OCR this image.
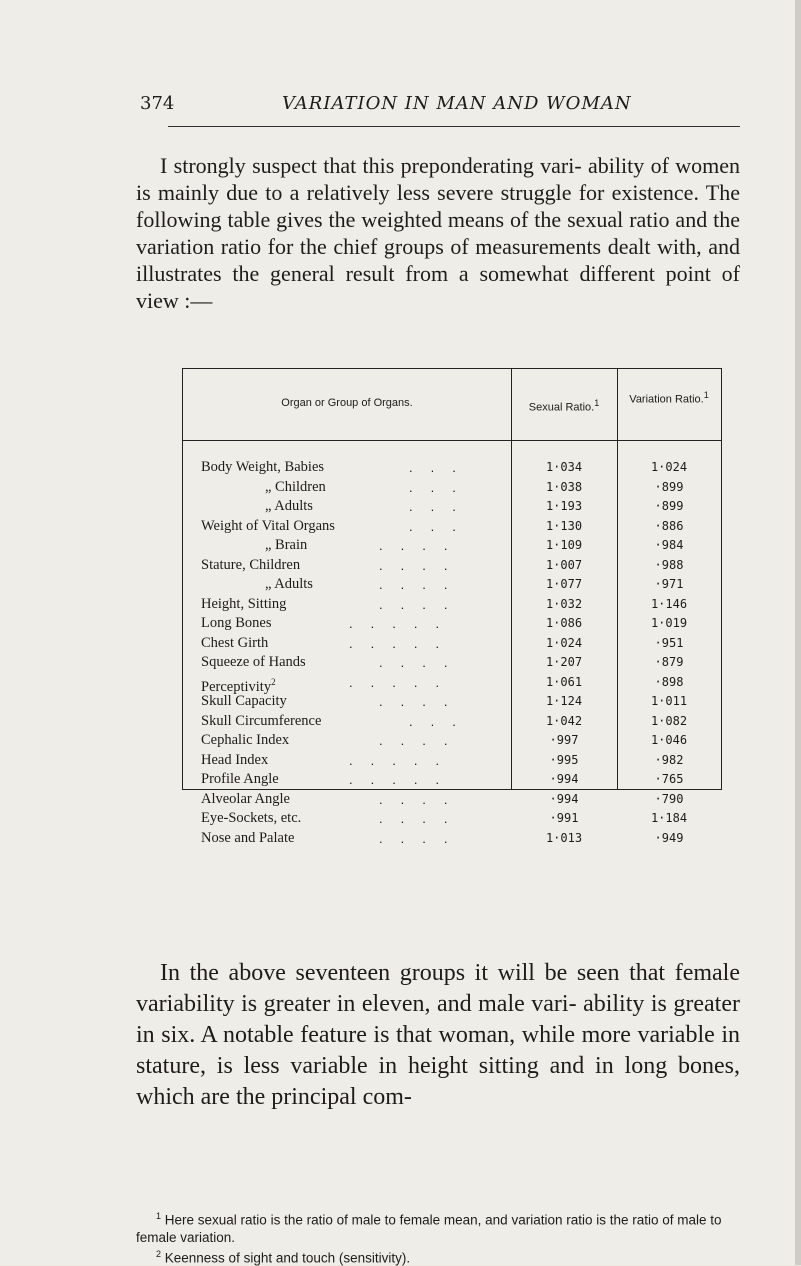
374	VARIATION IN MAN AND WOMAN

I strongly suspect that this preponderating vari- ability of women is mainly due to a relatively less severe struggle for existence. The following table gives the weighted means of the sexual ratio and the variation ratio for the chief groups of measurements dealt with, and illustrates the general result from a somewhat different point of view :—

Organ or Group of Organs.	Sexual Ratio.$^1$	Variation Ratio.$^1$
Body Weight, Babies	...	1·034	1·024
„ Children	...	1·038	·899
„ Adults	...	1·193	·899
Weight of Vital Organs	...	1·130	·886
„ Brain	....	1·109	·984
Stature, Children	....	1·007	·988
„ Adults	....	1·077	·971
Height, Sitting	....	1·032	1·146
Long Bones	.....	1·086	1·019
Chest Girth	.....	1·024	·951
Squeeze of Hands	....	1·207	·879
Perceptivity$^2$	.....	1·061	·898
Skull Capacity	....	1·124	1·011
Skull Circumference	...	1·042	1·082
Cephalic Index	....	·997	1·046
Head Index	.....	·995	·982
Profile Angle	.....	·994	·765
Alveolar Angle	....	·994	·790
Eye-Sockets, etc.	....	·991	1·184
Nose and Palate	....	1·013	·949

In the above seventeen groups it will be seen that female variability is greater in eleven, and male vari- ability is greater in six. A notable feature is that woman, while more variable in stature, is less variable in height sitting and in long bones, which are the principal com-

$^1$ Here sexual ratio is the ratio of male to female mean, and variation ratio is the ratio of male to female variation.

$^2$ Keenness of sight and touch (sensitivity).
